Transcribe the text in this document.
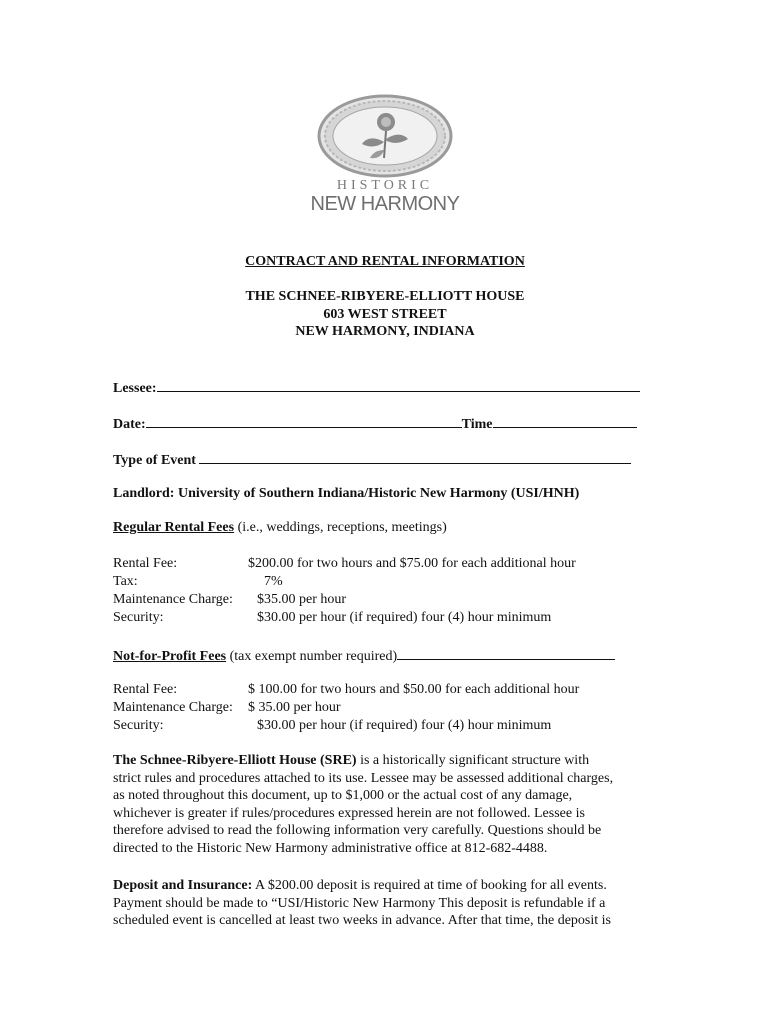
HISTORIC
NEW HARMONY
CONTRACT AND RENTAL INFORMATION
THE SCHNEE-RIBYERE-ELLIOTT HOUSE
603 WEST STREET
NEW HARMONY, INDIANA
Lessee:
Date:	Time
Type of Event
Landlord: University of Southern Indiana/Historic New Harmony (USI/HNH)
Regular Rental Fees (i.e., weddings, receptions, meetings)
Rental Fee:	$200.00 for two hours and $75.00 for each additional hour
Tax:	7%
Maintenance Charge: $35.00 per hour
Security:	$30.00 per hour (if required) four (4) hour minimum
Not-for-Profit Fees (tax exempt number required)
Rental Fee:	$ 100.00 for two hours and $50.00 for each additional hour
Maintenance Charge: $ 35.00 per hour
Security:	$30.00 per hour (if required) four (4) hour minimum
The Schnee-Ribyere-Elliott House (SRE) is a historically significant structure with
strict rules and procedures attached to its use. Lessee may be assessed additional charges,
as noted throughout this document, up to $1,000 or the actual cost of any damage,
whichever is greater if rules/procedures expressed herein are not followed. Lessee is
therefore advised to read the following information very carefully. Questions should be
directed to the Historic New Harmony administrative office at 812-682-4488.
Deposit and Insurance: A $200.00 deposit is required at time of booking for all events.
Payment should be made to “USI/Historic New Harmony This deposit is refundable if a
scheduled event is cancelled at least two weeks in advance. After that time, the deposit is
